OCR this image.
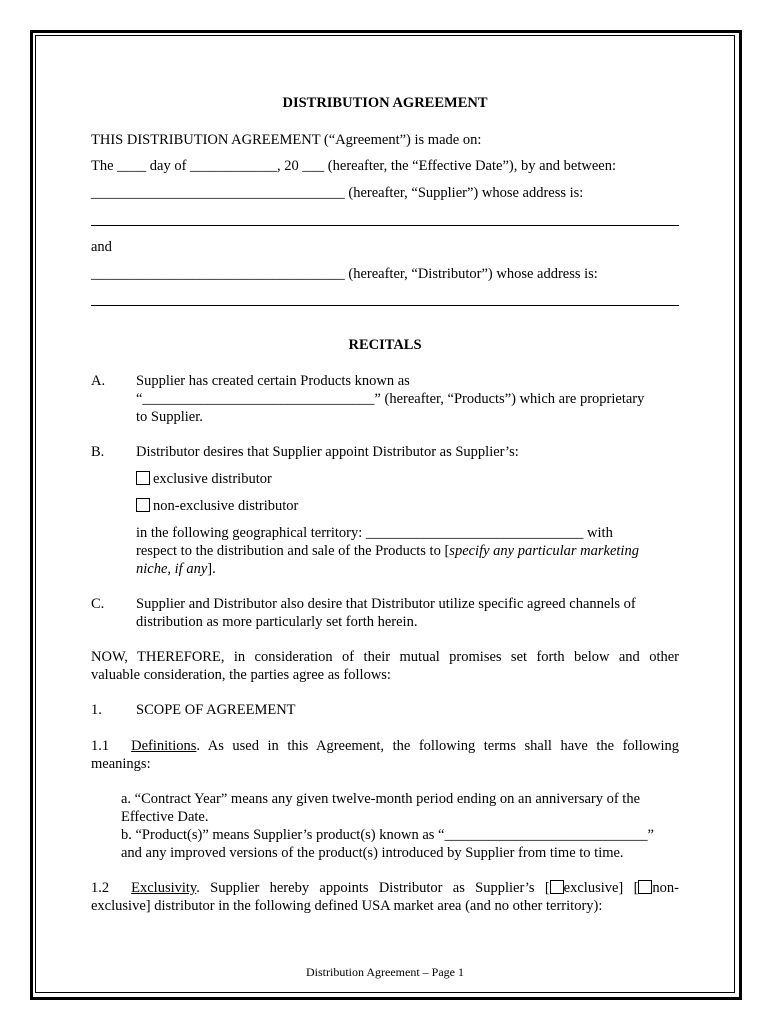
DISTRIBUTION AGREEMENT
THIS DISTRIBUTION AGREEMENT (“Agreement”) is made on:
The ____ day of ____________, 20 ___ (hereafter, the “Effective Date”), by and between:
___________________________________ (hereafter, “Supplier”) whose address is:
and
___________________________________ (hereafter, “Distributor”) whose address is:
RECITALS
A. Supplier has created certain Products known as
“________________________________” (hereafter, “Products”) which are proprietary
to Supplier.
B. Distributor desires that Supplier appoint Distributor as Supplier’s:
exclusive distributor
non-exclusive distributor
in the following geographical territory: ______________________________ with
respect to the distribution and sale of the Products to [specify any particular marketing
niche, if any].
C. Supplier and Distributor also desire that Distributor utilize specific agreed channels of
distribution as more particularly set forth herein.
NOW, THEREFORE, in consideration of their mutual promises set forth below and other
valuable consideration, the parties agree as follows:
1. SCOPE OF AGREEMENT
1.1 Definitions. As used in this Agreement, the following terms shall have the following
meanings:
a. “Contract Year” means any given twelve-month period ending on an anniversary of the
Effective Date.
b. “Product(s)” means Supplier’s product(s) known as “____________________________”
and any improved versions of the product(s) introduced by Supplier from time to time.
1.2 Exclusivity. Supplier hereby appoints Distributor as Supplier’s [ exclusive] [ non-
exclusive] distributor in the following defined USA market area (and no other territory):
Distribution Agreement – Page 1
